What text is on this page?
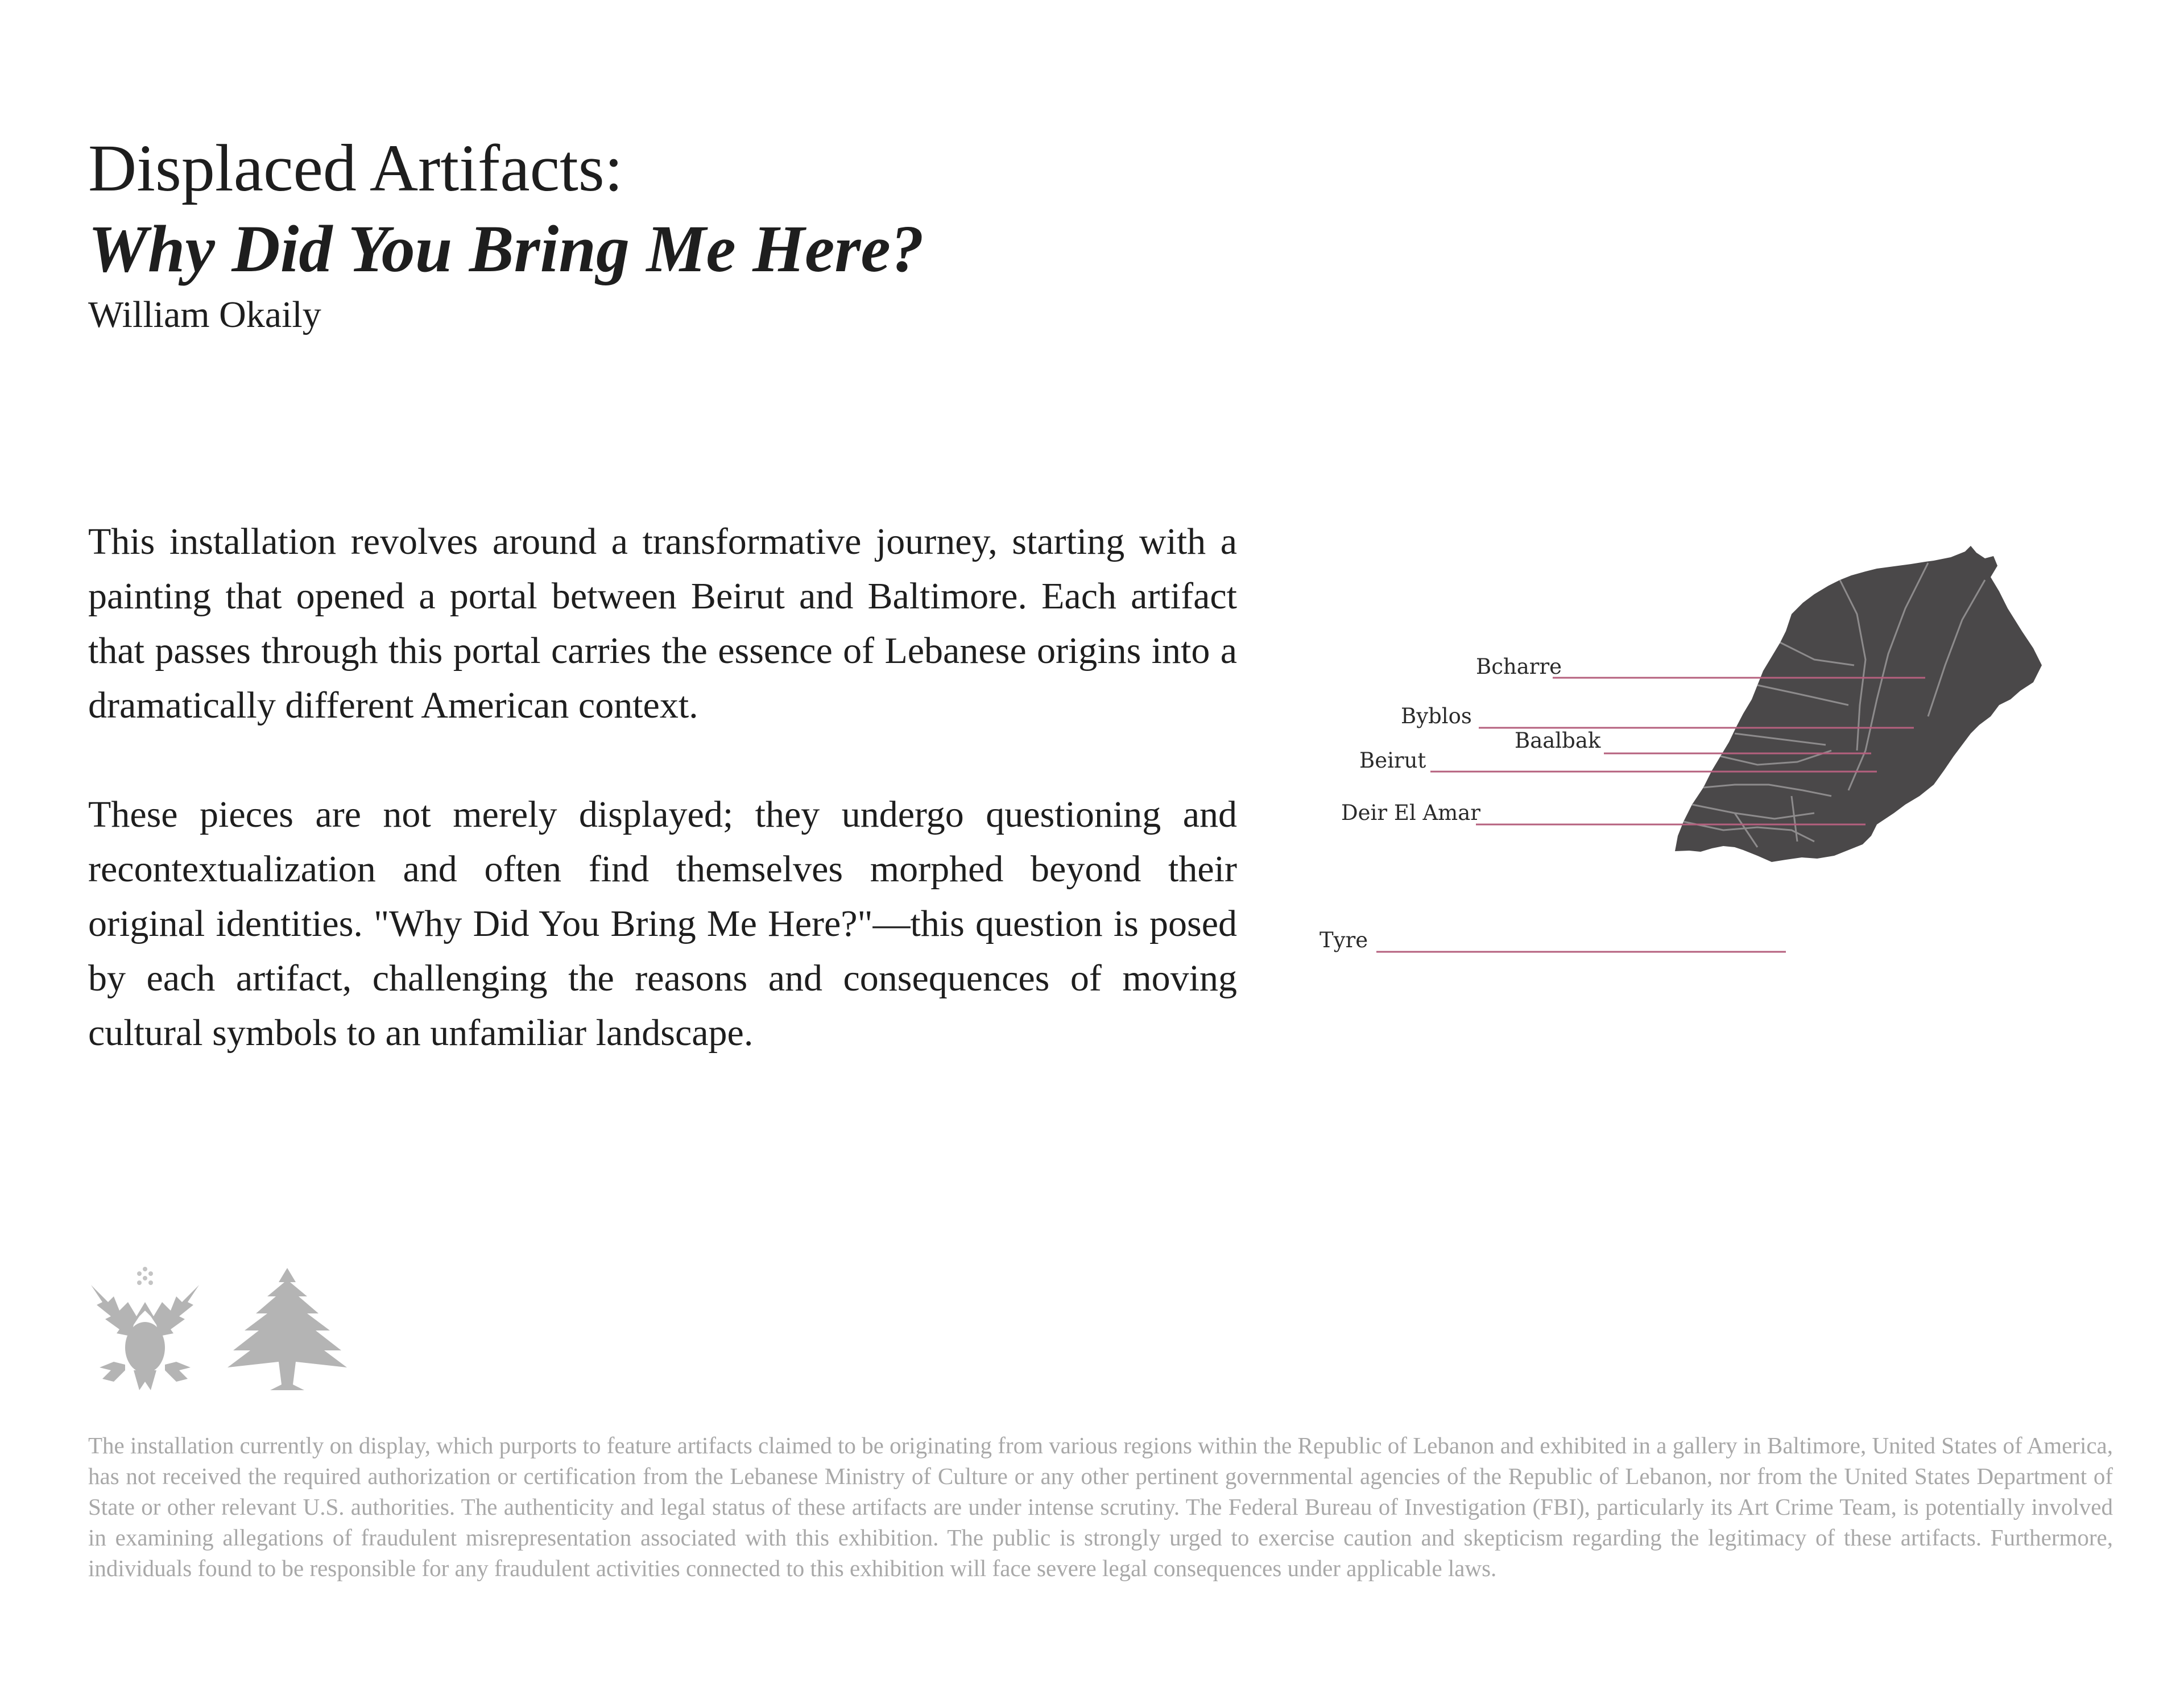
Displaced Artifacts:
Why Did You Bring Me Here?
William Okaily

This installation revolves around a transformative journey, starting with a painting that opened a portal between Beirut and Baltimore. Each artifact that passes through this portal carries the essence of Lebanese origins into a dramatically different American context.

These pieces are not merely displayed; they undergo questioning and recontextualization and often find themselves morphed beyond their original identities. "Why Did You Bring Me Here?"—this question is posed by each artifact, challenging the reasons and consequences of moving cultural symbols to an unfamiliar landscape.

Bcharre
Byblos
Baalbak
Beirut
Deir El Amar
Tyre

The installation currently on display, which purports to feature artifacts claimed to be originating from various regions within the Republic of Lebanon and exhibited in a gallery in Baltimore, United States of America, has not received the required authorization or certification from the Lebanese Ministry of Culture or any other pertinent governmental agencies of the Republic of Lebanon, nor from the United States Department of State or other relevant U.S. authorities. The authenticity and legal status of these artifacts are under intense scrutiny. The Federal Bureau of Investigation (FBI), particularly its Art Crime Team, is potentially involved in examining allegations of fraudulent misrepresentation associated with this exhibition. The public is strongly urged to exercise caution and skepticism regarding the legitimacy of these artifacts. Furthermore, individuals found to be responsible for any fraudulent activities connected to this exhibition will face severe legal consequences under applicable laws.
